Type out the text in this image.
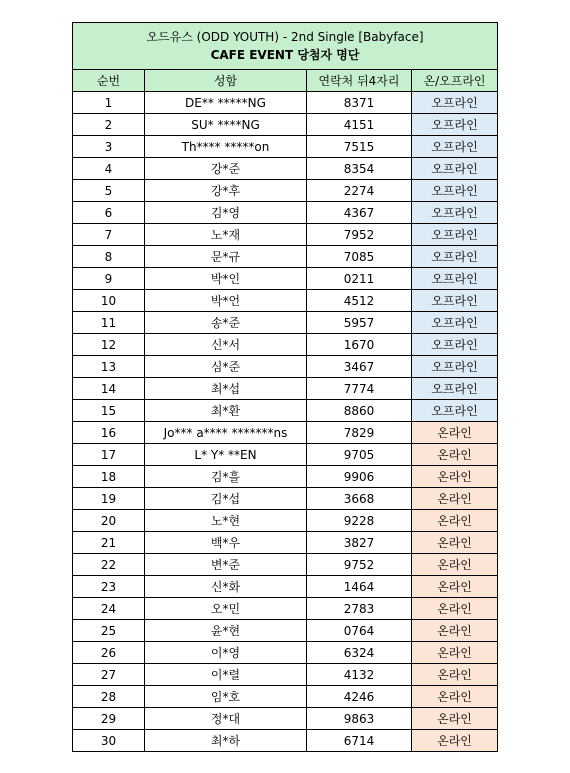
오드유스 (ODD YOUTH) - 2nd Single [Babyface]
CAFE EVENT 당첨자 명단			

순번	성함	연락처 뒤4자리	온/오프라인
1	DE** *****NG	8371	오프라인
2	SU* ****NG	4151	오프라인
3	Th**** *****on	7515	오프라인
4	강*준	8354	오프라인
5	강*후	2274	오프라인
6	김*영	4367	오프라인
7	노*재	7952	오프라인
8	문*규	7085	오프라인
9	박*인	0211	오프라인
10	박*언	4512	오프라인
11	송*준	5957	오프라인
12	신*서	1670	오프라인
13	심*준	3467	오프라인
14	최*섭	7774	오프라인
15	최*환	8860	오프라인
16	Jo*** a**** *******ns	7829	온라인
17	L* Y* **EN	9705	온라인
18	김*흘	9906	온라인
19	김*섭	3668	온라인
20	노*현	9228	온라인
21	백*우	3827	온라인
22	변*준	9752	온라인
23	신*화	1464	온라인
24	오*민	2783	온라인
25	윤*현	0764	온라인
26	이*영	6324	온라인
27	이*렬	4132	온라인
28	임*호	4246	온라인
29	정*대	9863	온라인
30	최*하	6714	온라인
